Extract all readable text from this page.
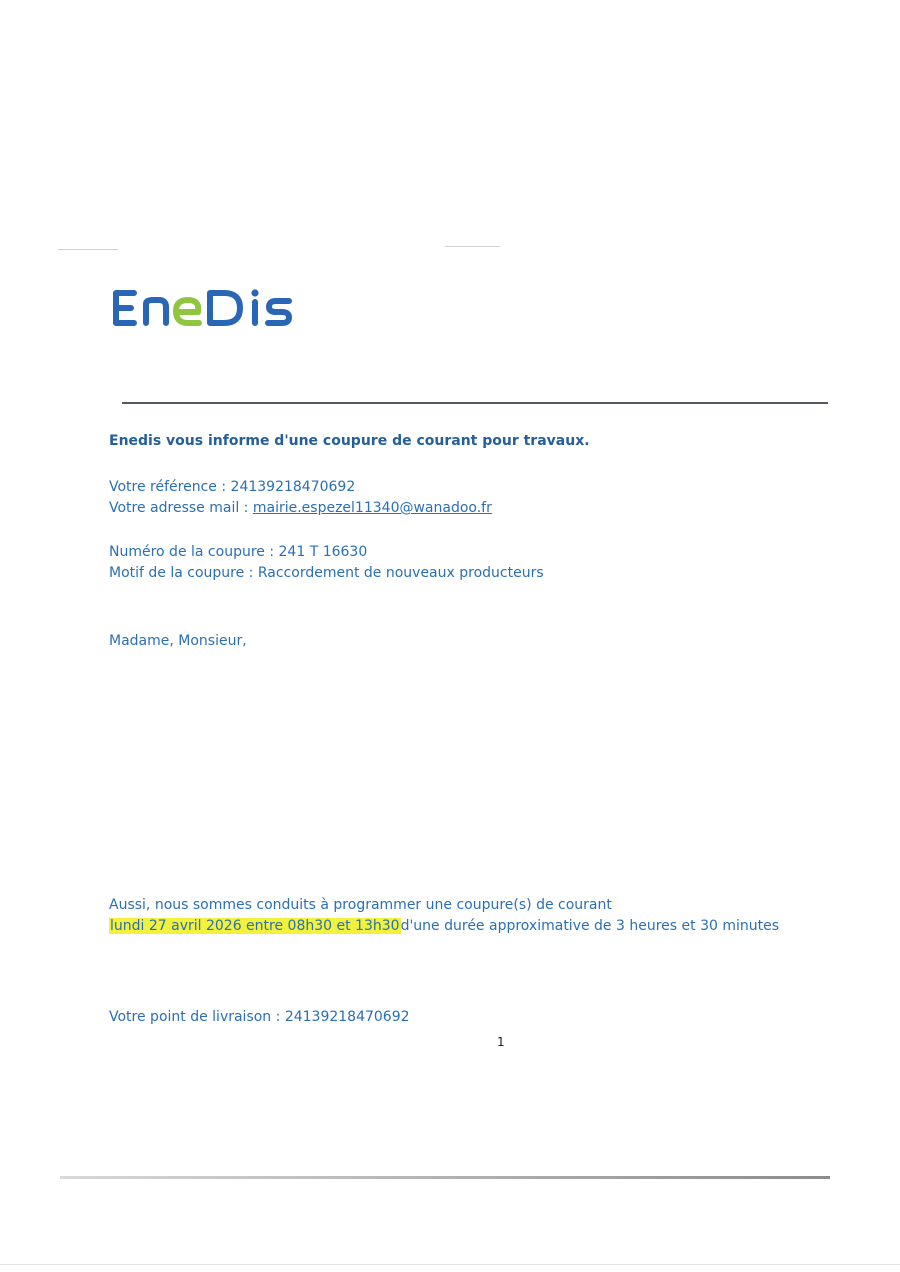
Enedis vous informe d'une coupure de courant pour travaux.
Votre référence : 24139218470692
Votre adresse mail : mairie.espezel11340@wanadoo.fr
Numéro de la coupure : 241 T 16630
Motif de la coupure : Raccordement de nouveaux producteurs
Madame, Monsieur,
Aussi, nous sommes conduits à programmer une coupure(s) de courant
lundi 27 avril 2026 entre 08h30 et 13h30d'une durée approximative de 3 heures et 30 minutes
Votre point de livraison : 24139218470692
1
